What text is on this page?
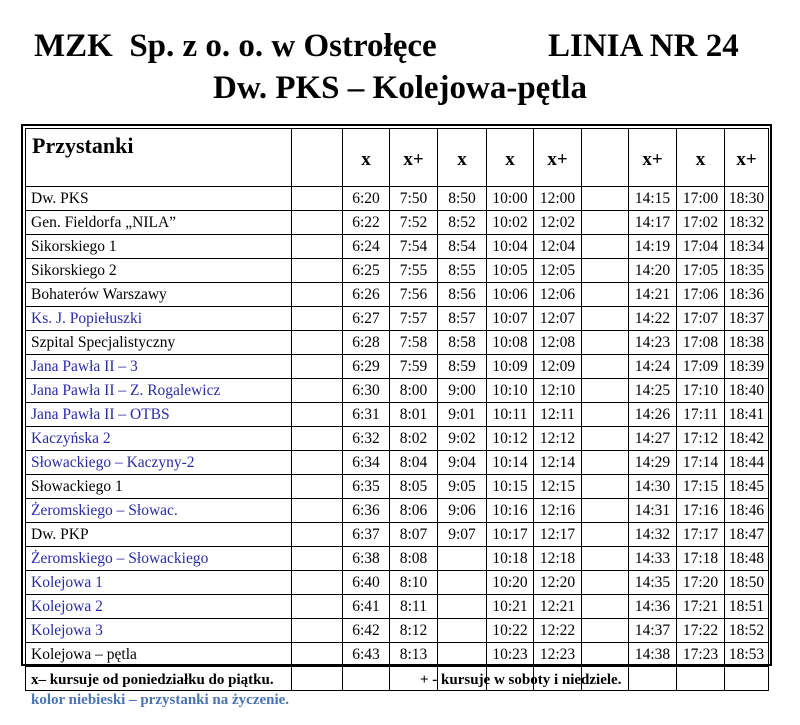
MZK  Sp. z o. o. w Ostrołęce	LINIA NR 24
Dw. PKS – Kolejowa-pętla
Przystanki		x	x+	x	x	x+		x+	x	x+
Dw. PKS		6:20	7:50	8:50	10:00	12:00		14:15	17:00	18:30
Gen. Fieldorfa „NILA”		6:22	7:52	8:52	10:02	12:02		14:17	17:02	18:32
Sikorskiego 1		6:24	7:54	8:54	10:04	12:04		14:19	17:04	18:34
Sikorskiego 2		6:25	7:55	8:55	10:05	12:05		14:20	17:05	18:35
Bohaterów Warszawy		6:26	7:56	8:56	10:06	12:06		14:21	17:06	18:36
Ks. J. Popiełuszki		6:27	7:57	8:57	10:07	12:07		14:22	17:07	18:37
Szpital Specjalistyczny		6:28	7:58	8:58	10:08	12:08		14:23	17:08	18:38
Jana Pawła II – 3		6:29	7:59	8:59	10:09	12:09		14:24	17:09	18:39
Jana Pawła II – Z. Rogalewicz		6:30	8:00	9:00	10:10	12:10		14:25	17:10	18:40
Jana Pawła II – OTBS		6:31	8:01	9:01	10:11	12:11		14:26	17:11	18:41
Kaczyńska 2		6:32	8:02	9:02	10:12	12:12		14:27	17:12	18:42
Słowackiego – Kaczyny-2		6:34	8:04	9:04	10:14	12:14		14:29	17:14	18:44
Słowackiego 1		6:35	8:05	9:05	10:15	12:15		14:30	17:15	18:45
Żeromskiego – Słowac.		6:36	8:06	9:06	10:16	12:16		14:31	17:16	18:46
Dw. PKP		6:37	8:07	9:07	10:17	12:17		14:32	17:17	18:47
Żeromskiego – Słowackiego		6:38	8:08		10:18	12:18		14:33	17:18	18:48
Kolejowa 1		6:40	8:10		10:20	12:20		14:35	17:20	18:50
Kolejowa 2		6:41	8:11		10:21	12:21		14:36	17:21	18:51
Kolejowa 3		6:42	8:12		10:22	12:22		14:37	17:22	18:52
Kolejowa – pętla		6:43	8:13		10:23	12:23		14:38	17:23	18:53

x– kursuje od poniedziałku do piątku.	+ - kursuje w soboty i niedziele.
kolor niebieski – przystanki na życzenie.
